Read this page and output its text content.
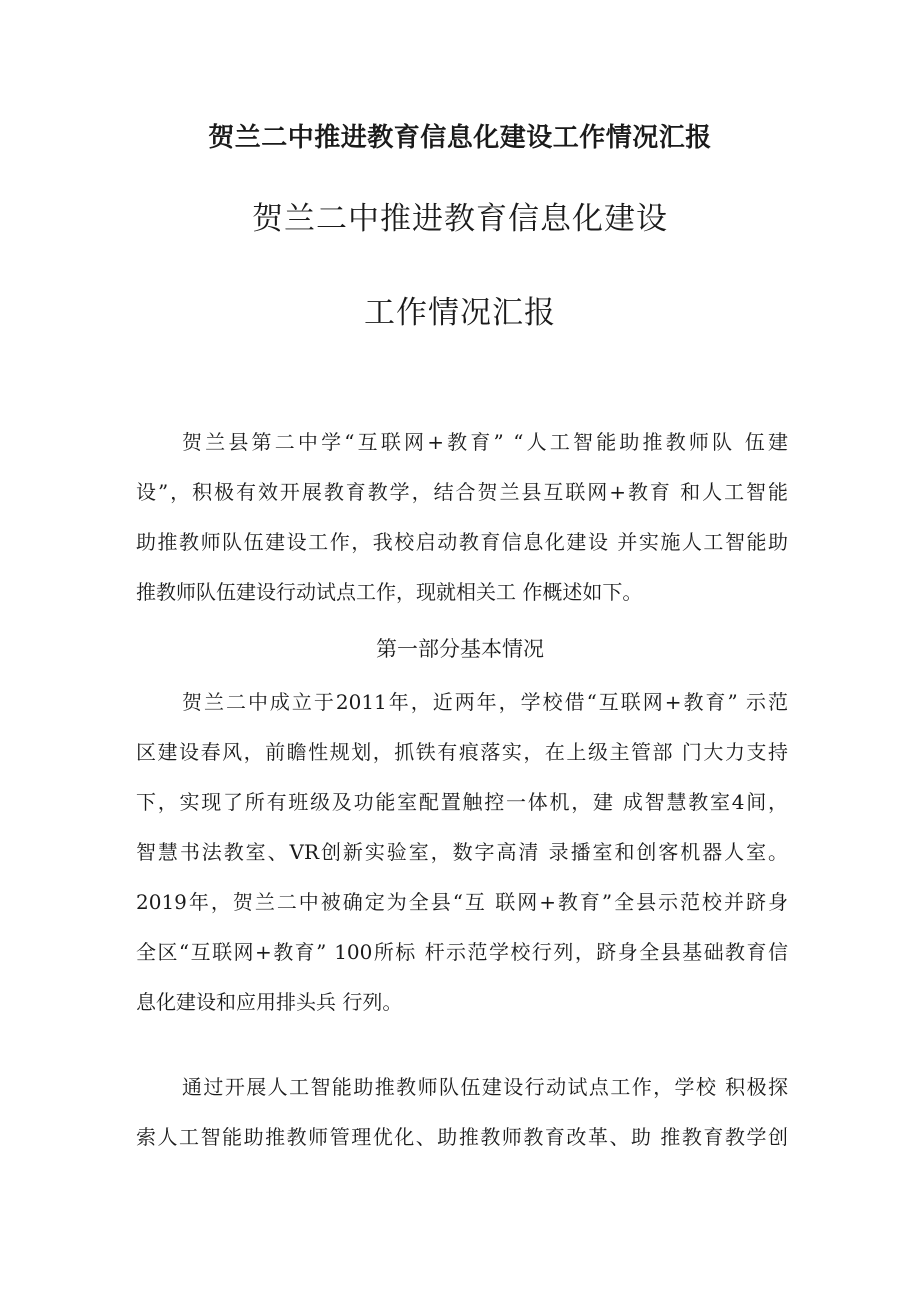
贺兰二中推进教育信息化建设工作情况汇报
贺兰二中推进教育信息化建设
工作情况汇报
贺兰县第二中学“互联网+教育” “人工智能助推教师队 伍建
设”，积极有效开展教育教学，结合贺兰县互联网+教育 和人工智能
助推教师队伍建设工作，我校启动教育信息化建设 并实施人工智能助
推教师队伍建设行动试点工作，现就相关工 作概述如下。
第一部分基本情况
贺兰二中成立于2011年，近两年，学校借“互联网+教育” 示范
区建设春风，前瞻性规划，抓铁有痕落实，在上级主管部 门大力支持
下，实现了所有班级及功能室配置触控一体机，建 成智慧教室4间，
智慧书法教室、VR创新实验室，数字高清 录播室和创客机器人室。
2019年，贺兰二中被确定为全县“互 联网+教育”全县示范校并跻身
全区“互联网+教育” 100所标 杆示范学校行列，跻身全县基础教育信
息化建设和应用排头兵 行列。
通过开展人工智能助推教师队伍建设行动试点工作，学校 积极探
索人工智能助推教师管理优化、助推教师教育改革、助 推教育教学创
